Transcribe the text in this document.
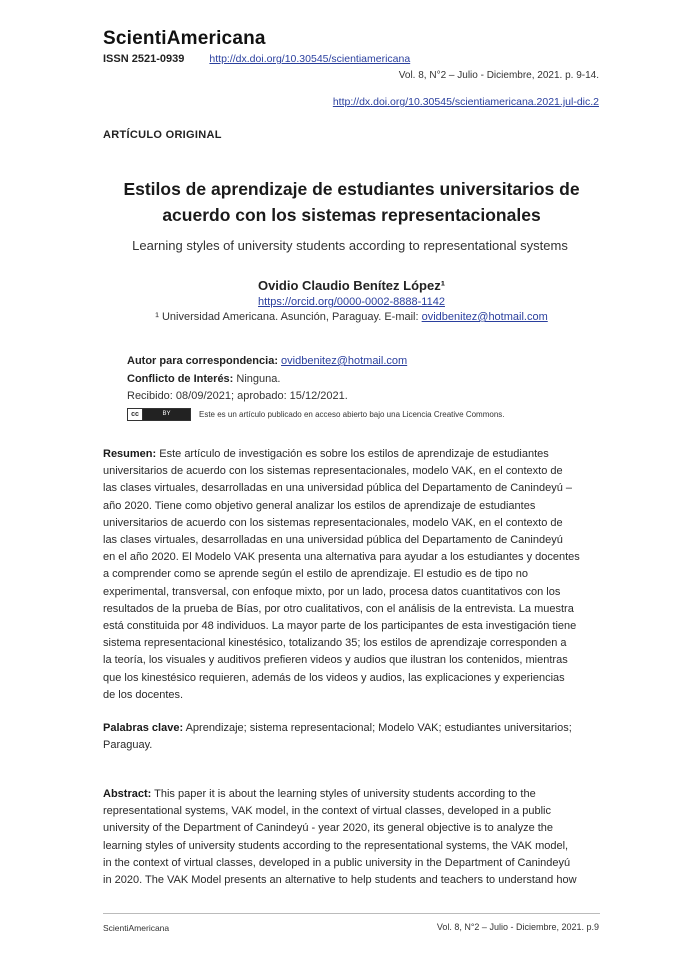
ScientiAmericana
ISSN 2521-0939 http://dx.doi.org/10.30545/scientiamericana
Vol. 8, N°2 – Julio - Diciembre, 2021. p. 9-14.
http://dx.doi.org/10.30545/scientiamericana.2021.jul-dic.2
ARTÍCULO ORIGINAL
Estilos de aprendizaje de estudiantes universitarios de
acuerdo con los sistemas representacionales
Learning styles of university students according to representational systems
Ovidio Claudio Benítez López¹
https://orcid.org/0000-0002-8888-1142
¹ Universidad Americana. Asunción, Paraguay. E-mail: ovidbenitez@hotmail.com
Autor para correspondencia: ovidbenitez@hotmail.com
Conflicto de Interés: Ninguna.
Recibido: 08/09/2021; aprobado: 15/12/2021.
cc	BY	Este es un artículo publicado en acceso abierto bajo una Licencia Creative Commons.
Resumen: Este artículo de investigación es sobre los estilos de aprendizaje de estudiantes
universitarios de acuerdo con los sistemas representacionales, modelo VAK, en el contexto de
las clases virtuales, desarrolladas en una universidad pública del Departamento de Canindeyú –
año 2020. Tiene como objetivo general analizar los estilos de aprendizaje de estudiantes
universitarios de acuerdo con los sistemas representacionales, modelo VAK, en el contexto de
las clases virtuales, desarrolladas en una universidad pública del Departamento de Canindeyú
en el año 2020. El Modelo VAK presenta una alternativa para ayudar a los estudiantes y docentes
a comprender como se aprende según el estilo de aprendizaje. El estudio es de tipo no
experimental, transversal, con enfoque mixto, por un lado, procesa datos cuantitativos con los
resultados de la prueba de Bías, por otro cualitativos, con el análisis de la entrevista. La muestra
está constituida por 48 individuos. La mayor parte de los participantes de esta investigación tiene
sistema representacional kinestésico, totalizando 35; los estilos de aprendizaje corresponden a
la teoría, los visuales y auditivos prefieren videos y audios que ilustran los contenidos, mientras
que los kinestésico requieren, además de los videos y audios, las explicaciones y experiencias
de los docentes.
Palabras clave: Aprendizaje; sistema representacional; Modelo VAK; estudiantes universitarios;
Paraguay.
Abstract: This paper it is about the learning styles of university students according to the
representational systems, VAK model, in the context of virtual classes, developed in a public
university of the Department of Canindeyú - year 2020, its general objective is to analyze the
learning styles of university students according to the representational systems, the VAK model,
in the context of virtual classes, developed in a public university in the Department of Canindeyú
in 2020. The VAK Model presents an alternative to help students and teachers to understand how
ScientiAmericana	Vol. 8, N°2 – Julio - Diciembre, 2021. p.9
